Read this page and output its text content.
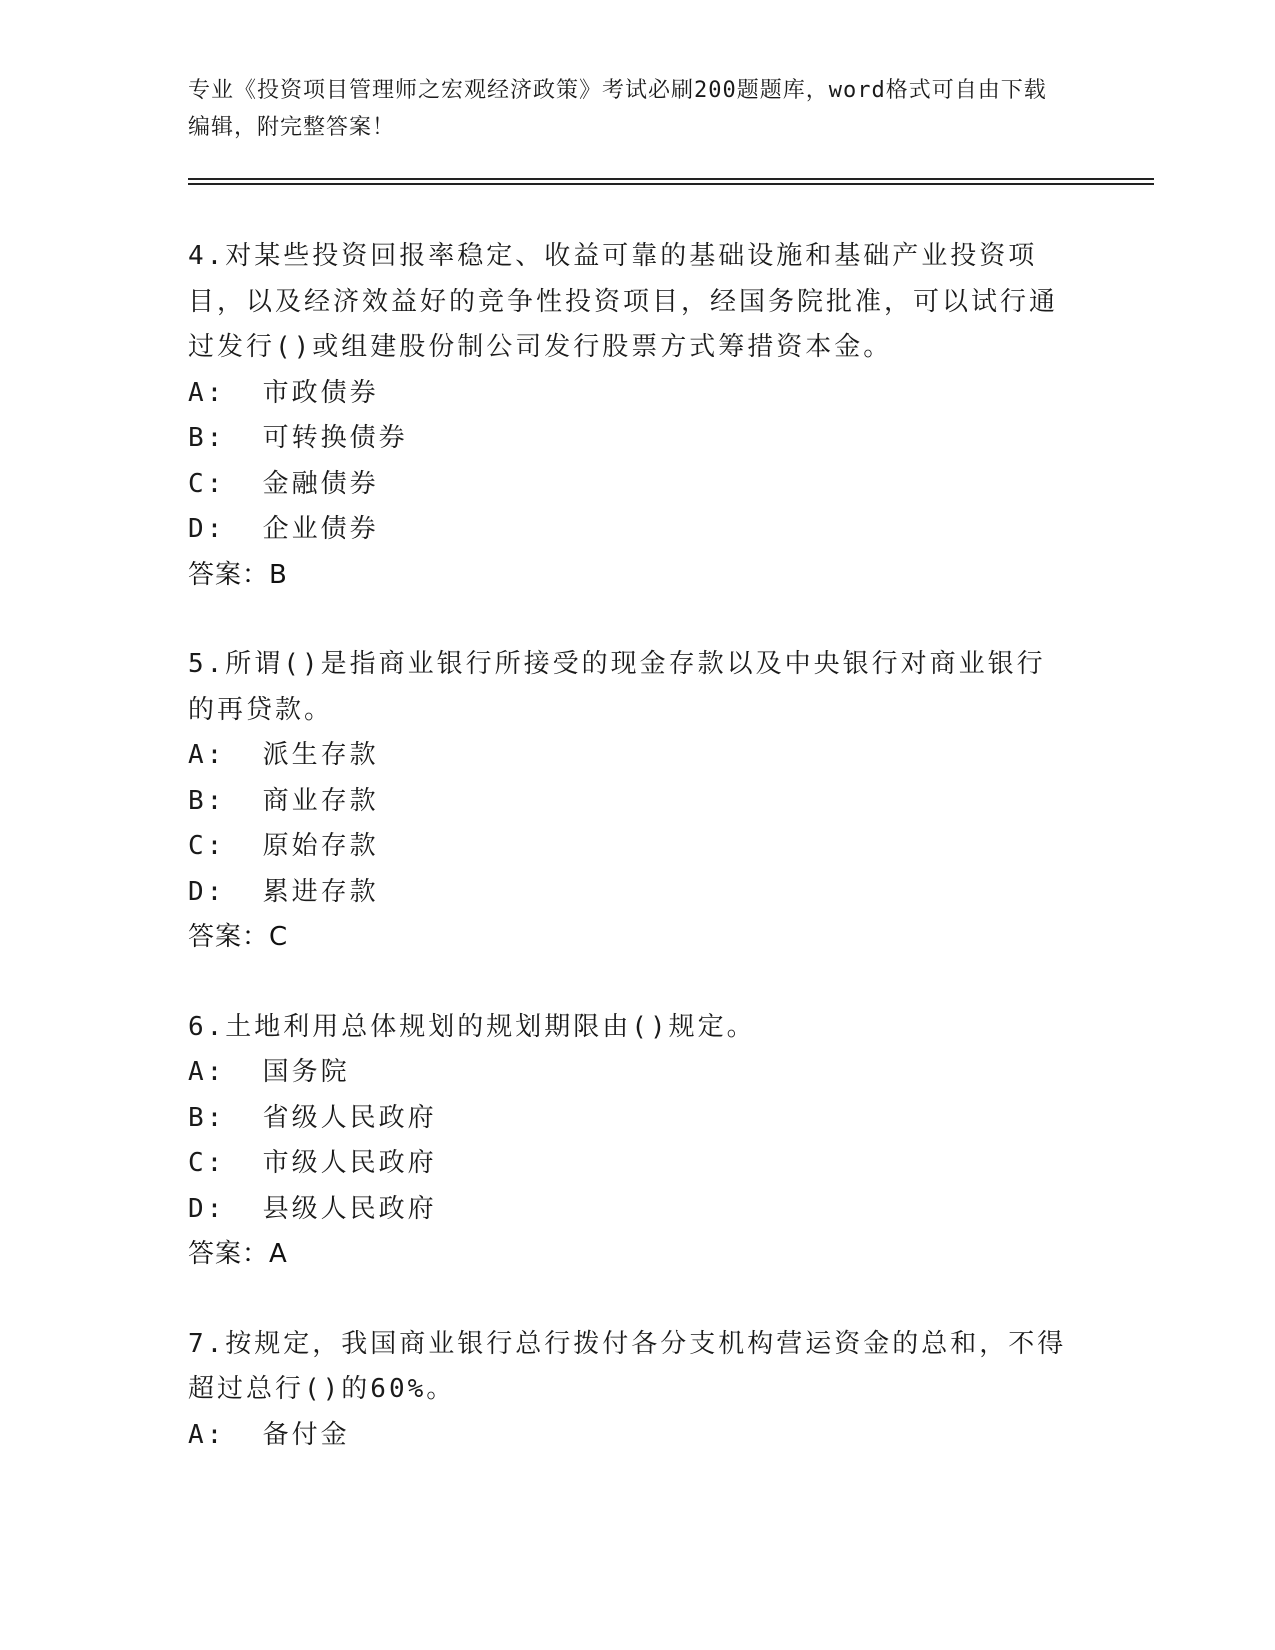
专业《投资项目管理师之宏观经济政策》考试必刷200题题库，word格式可自由下载编辑，附完整答案！

4.对某些投资回报率稳定、收益可靠的基础设施和基础产业投资项目，以及经济效益好的竞争性投资项目，经国务院批准，可以试行通过发行()或组建股份制公司发行股票方式筹措资本金。

A:  市政债券

B:  可转换债券

C:  金融债券

D:  企业债券

答案：B

5.所谓()是指商业银行所接受的现金存款以及中央银行对商业银行的再贷款。

A:  派生存款

B:  商业存款

C:  原始存款

D:  累进存款

答案：C

6.土地利用总体规划的规划期限由()规定。

A:  国务院

B:  省级人民政府

C:  市级人民政府

D:  县级人民政府

答案：A

7.按规定，我国商业银行总行拨付各分支机构营运资金的总和，不得超过总行()的60%。

A:  备付金
